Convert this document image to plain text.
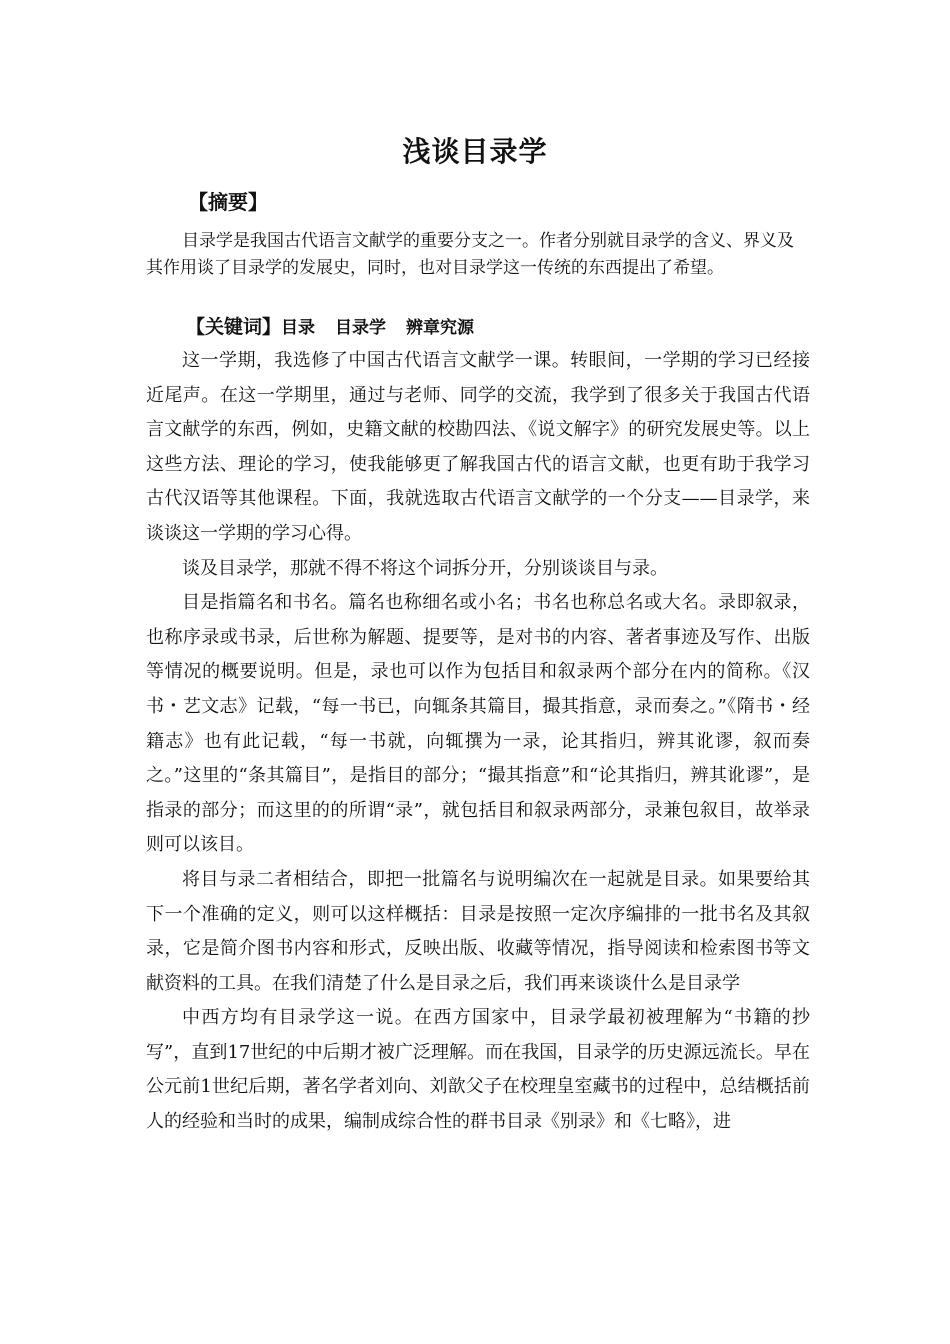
浅谈目录学
【摘要】

目录学是我国古代语言文献学的重要分支之一。作者分别就目录学的含义、界义及其作用谈了目录学的发展史，同时，也对目录学这一传统的东西提出了希望。

【关键词】目录 目录学 辨章究源

这一学期，我选修了中国古代语言文献学一课。转眼间，一学期的学习已经接近尾声。在这一学期里，通过与老师、同学的交流，我学到了很多关于我国古代语言文献学的东西，例如，史籍文献的校勘四法、《说文解字》的研究发展史等。以上这些方法、理论的学习，使我能够更了解我国古代的语言文献，也更有助于我学习古代汉语等其他课程。下面，我就选取古代语言文献学的一个分支——目录学，来谈谈这一学期的学习心得。

谈及目录学，那就不得不将这个词拆分开，分别谈谈目与录。

目是指篇名和书名。篇名也称细名或小名；书名也称总名或大名。录即叙录，也称序录或书录，后世称为解题、提要等，是对书的内容、著者事迹及写作、出版等情况的概要说明。但是，录也可以作为包括目和叙录两个部分在内的简称。《汉书・艺文志》记载，“每一书已，向辄条其篇目，撮其指意，录而奏之。”《隋书・经籍志》也有此记载，“每一书就，向辄撰为一录，论其指归，辨其讹谬，叙而奏之。”这里的“条其篇目”，是指目的部分；“撮其指意”和“论其指归，辨其讹谬”，是指录的部分；而这里的的所谓“录”，就包括目和叙录两部分，录兼包叙目，故举录则可以该目。

将目与录二者相结合，即把一批篇名与说明编次在一起就是目录。如果要给其下一个准确的定义，则可以这样概括：目录是按照一定次序编排的一批书名及其叙录，它是简介图书内容和形式，反映出版、收藏等情况，指导阅读和检索图书等文献资料的工具。在我们清楚了什么是目录之后，我们再来谈谈什么是目录学

中西方均有目录学这一说。在西方国家中，目录学最初被理解为“书籍的抄写”，直到17世纪的中后期才被广泛理解。而在我国，目录学的历史源远流长。早在公元前1世纪后期，著名学者刘向、刘歆父子在校理皇室藏书的过程中，总结概括前人的经验和当时的成果，编制成综合性的群书目录《别录》和《七略》，进
